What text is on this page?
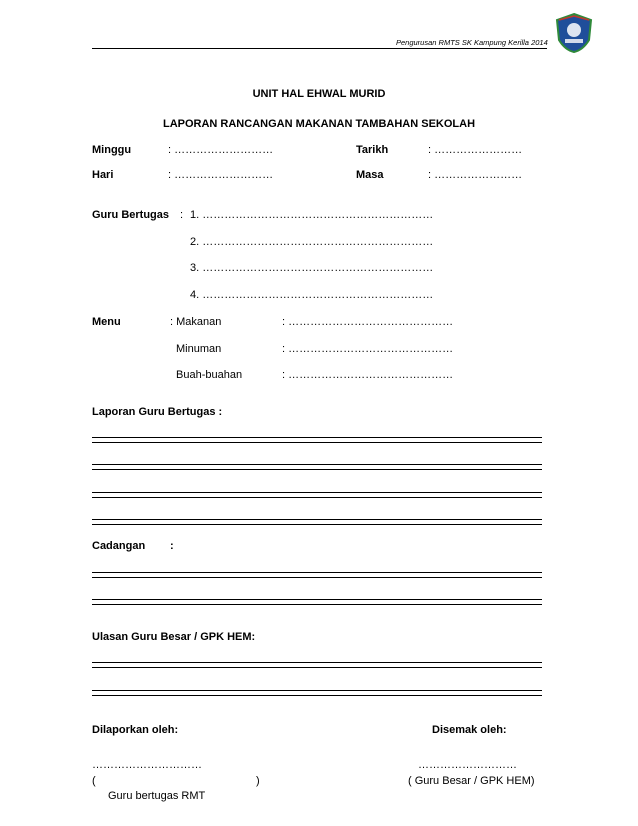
Pengurusan RMTS SK Kampung Kerilla 2014
UNIT HAL EHWAL MURID
LAPORAN RANCANGAN MAKANAN TAMBAHAN SEKOLAH
Minggu	: ………………………	Tarikh	: ……………………
Hari	: ………………………	Masa	: ……………………
Guru Bertugas : 1. ………………………………………………………
2. ………………………………………………………
3. ………………………………………………………
4. ………………………………………………………
Menu	: Makanan	: ………………………………………
Minuman	: ………………………………………
Buah-buahan	: ………………………………………
Laporan Guru Bertugas :
Cadangan :
Ulasan Guru Besar / GPK HEM:
Dilaporkan oleh:	Disemak oleh:
…………………………	………………………
(	)	( Guru Besar / GPK HEM)
Guru bertugas RMT
